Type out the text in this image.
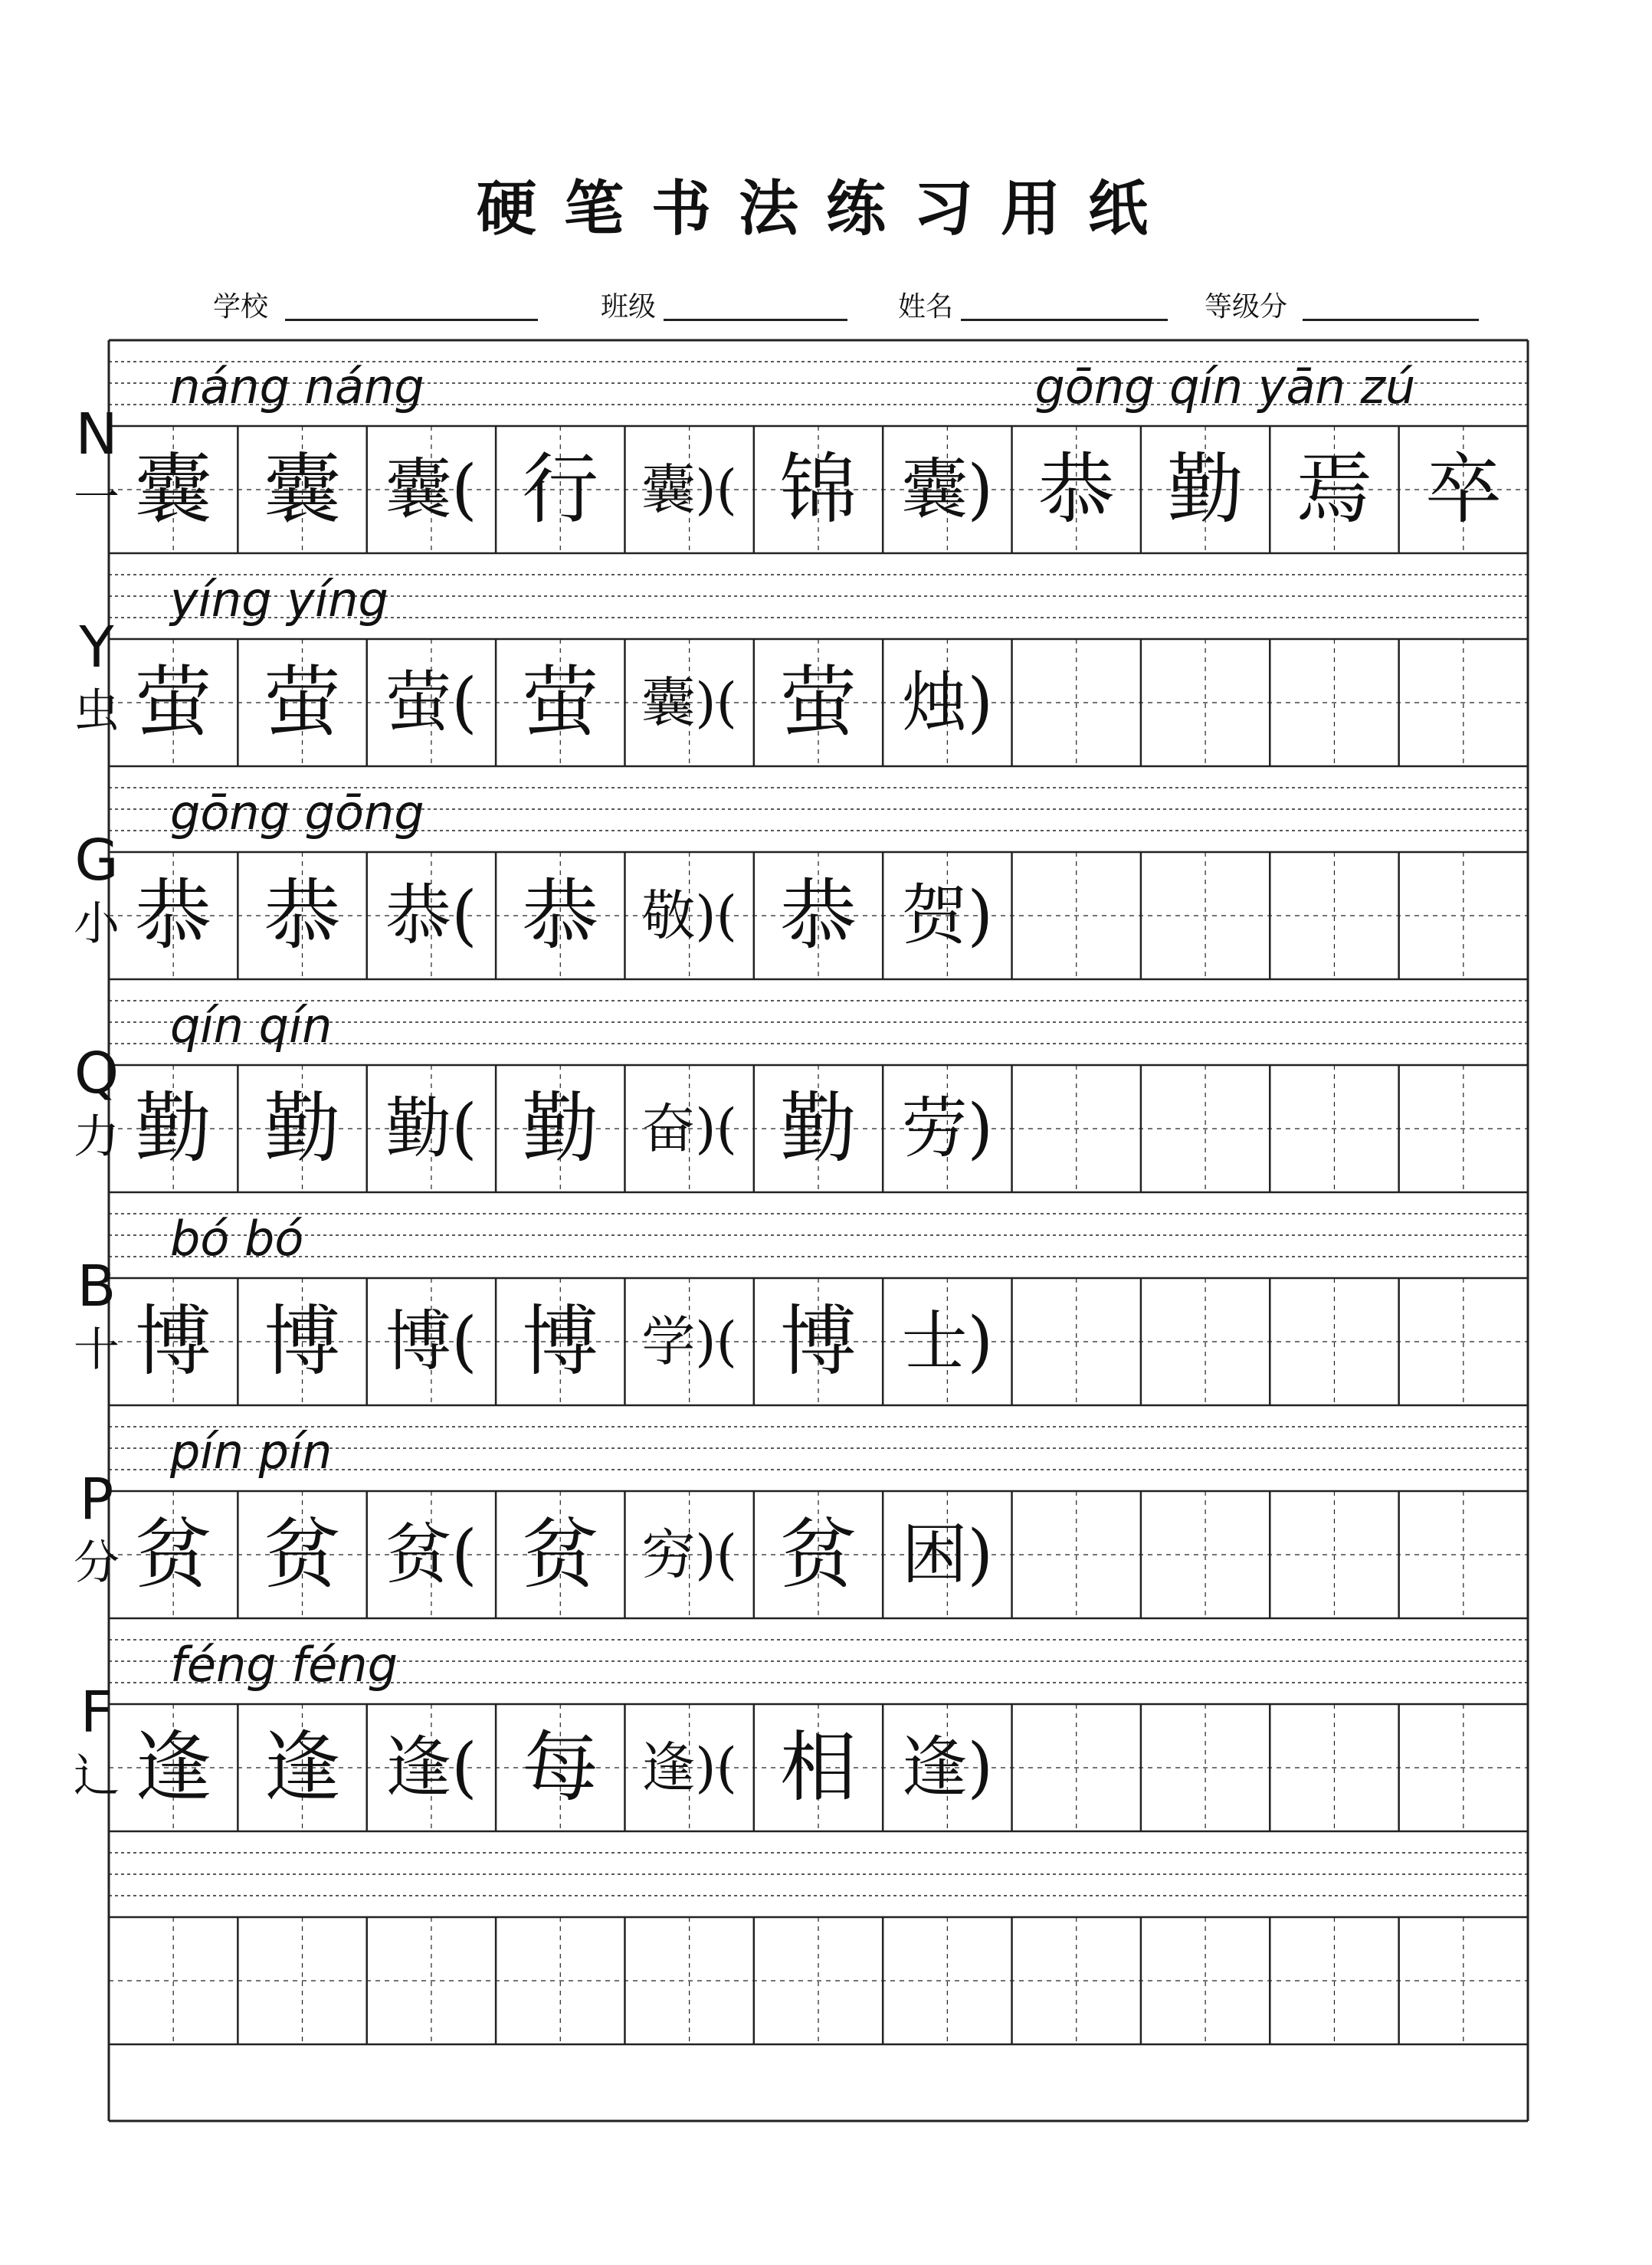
硬笔书法练习用纸
学校	班级	姓名	等级分
náng náng	gōng qín yān zú
囊 囊 囊( 行 囊)( 锦 囊) 恭 勤 焉 卒
N
一
yíng yíng
萤 萤 萤( 萤 囊)( 萤 烛)
Y
虫
gōng gōng
恭 恭 恭( 恭 敬)( 恭 贺)
G
小
qín qín
勤 勤 勤( 勤 奋)( 勤 劳)
Q
力
bó bó
博 博 博( 博 学)( 博 士)
B
十
pín pín
贫 贫 贫( 贫 穷)( 贫 困)
P
分
féng féng
逢 逢 逢( 每 逢)( 相 逢)
F
辶
